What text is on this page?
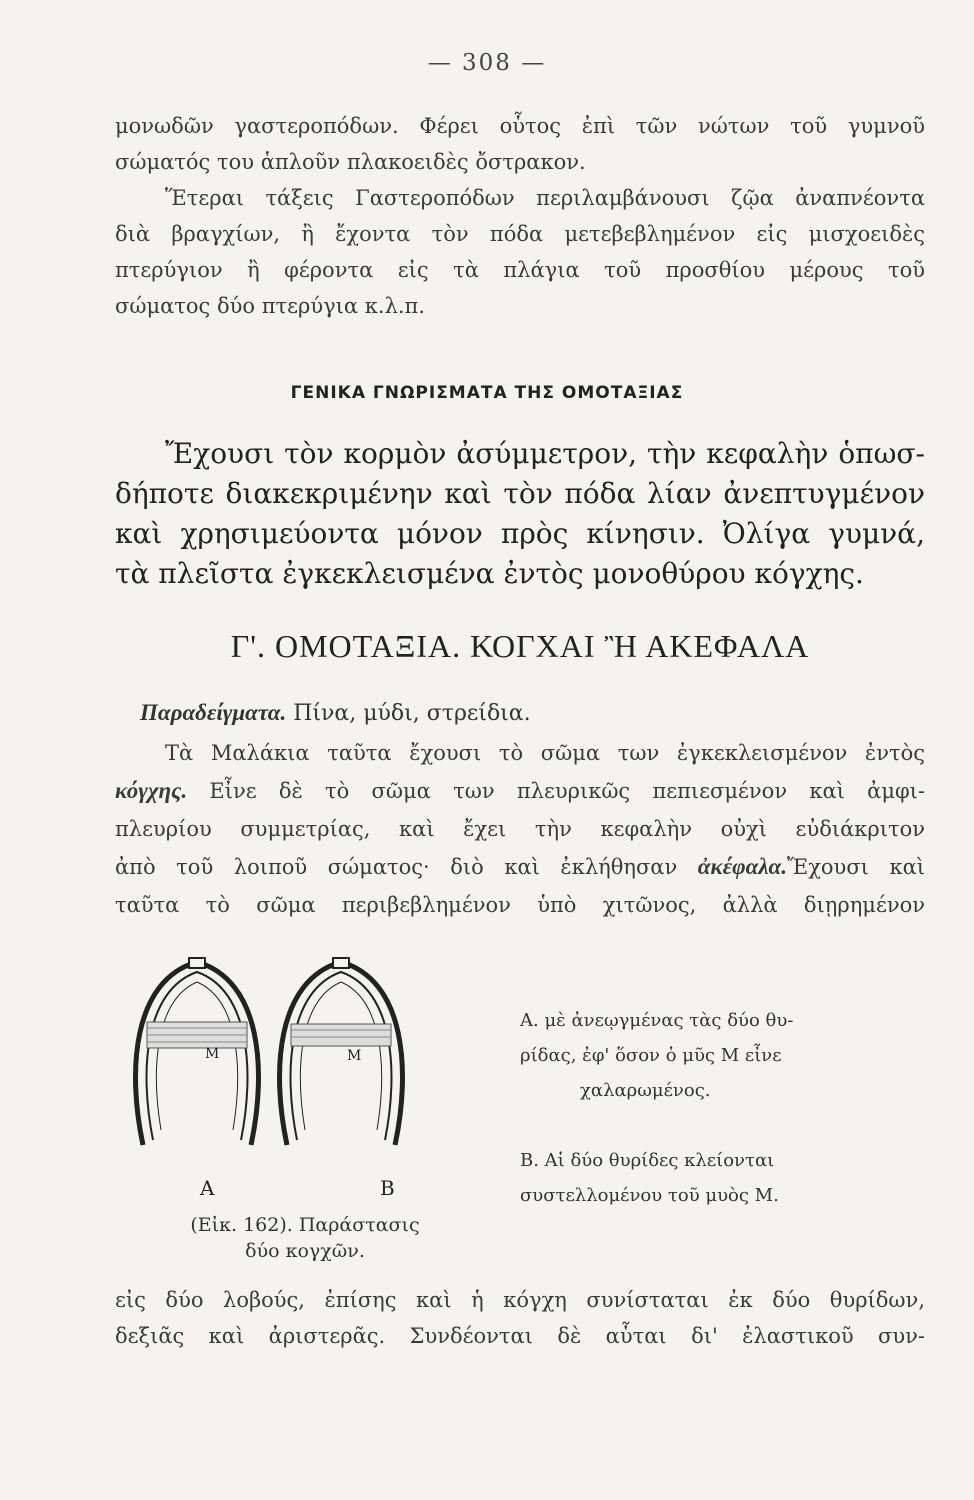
— 308 —
μονωδῶν γαστεροπόδων. Φέρει οὗτος ἐπὶ τῶν νώτων τοῦ γυμνοῦ
σώματός του ἁπλοῦν πλακοειδὲς ὄστρακον.
Ἕτεραι τάξεις Γαστεροπόδων περιλαμβάνουσι ζῷα ἀναπνέοντα
διὰ βραγχίων, ἢ ἔχοντα τὸν πόδα μετεβεβλημένον εἰς μισχοειδὲς
πτερύγιον ἢ φέροντα εἰς τὰ πλάγια τοῦ προσθίου μέρους τοῦ
σώματος δύο πτερύγια κ.λ.π.
ΓΕΝΙΚΑ ΓΝΩΡΙΣΜΑΤΑ ΤΗΣ ΟΜΟΤΑΞΙΑΣ
Ἔχουσι τὸν κορμὸν ἀσύμμετρον, τὴν κεφαλὴν ὁπωσ-
δήποτε διακεκριμένην καὶ τὸν πόδα λίαν ἀνεπτυγμένον
καὶ χρησιμεύοντα μόνον πρὸς κίνησιν. Ὀλίγα γυμνά,
τὰ πλεῖστα ἐγκεκλεισμένα ἐντὸς μονοθύρου κόγχης.
Γ'. ΟΜΟΤΑΞΙΑ. ΚΟΓΧΑΙ Ἢ ΑΚΕΦΑΛΑ
Παραδείγματα. Πίνα, μύδι, στρείδια.
Τὰ Μαλάκια ταῦτα ἔχουσι τὸ σῶμα των ἐγκεκλεισμένον ἐντὸς
κόγχης. Εἶνε δὲ τὸ σῶμα των πλευρικῶς πεπιεσμένον καὶ ἀμφι-
πλευρίου συμμετρίας, καὶ ἔχει τὴν κεφαλὴν οὐχὶ εὐδιάκριτον
ἀπὸ τοῦ λοιποῦ σώματος· διὸ καὶ ἐκλήθησαν ἀκέφαλα.Ἔχουσι καὶ
ταῦτα τὸ σῶμα περιβεβλημένον ὑπὸ χιτῶνος, ἀλλὰ διῃρημένον
M	M
A	B
(Εἰκ. 162). Παράστασις
δύο κογχῶν.
Α. μὲ ἀνεῳγμένας τὰς δύο θυ-
ρίδας, ἐφ' ὅσον ὁ μῦς Μ εἶνε
χαλαρωμένος.
Β. Αἱ δύο θυρίδες κλείονται
συστελλομένου τοῦ μυὸς Μ.
εἰς δύο λοβούς, ἐπίσης καὶ ἡ κόγχη συνίσταται ἐκ δύο θυρίδων,
δεξιᾶς καὶ ἀριστερᾶς. Συνδέονται δὲ αὗται δι' ἐλαστικοῦ συν-
